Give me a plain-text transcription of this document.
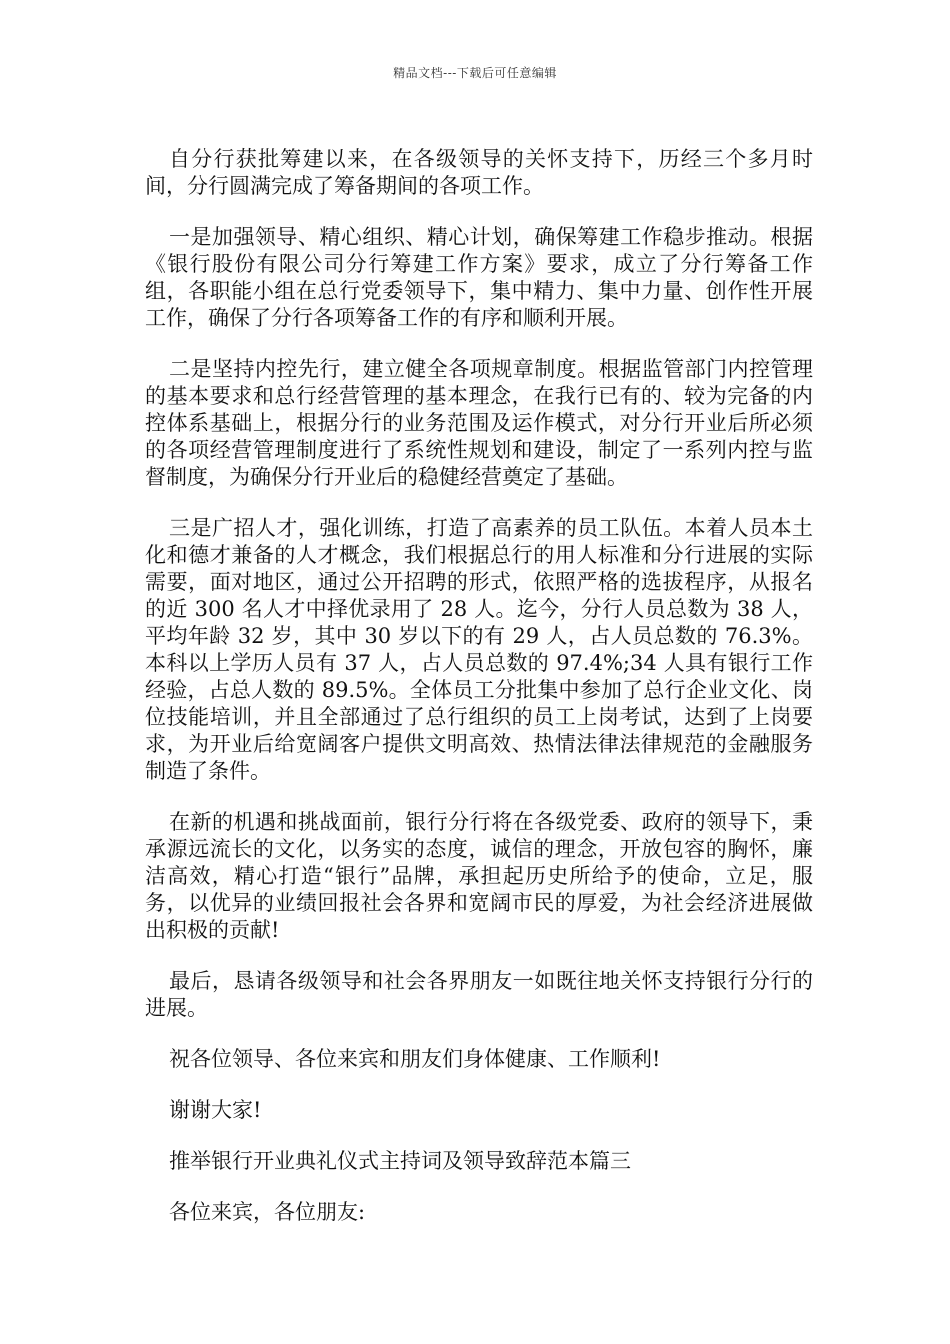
精品文档---下载后可任意编辑

自分行获批筹建以来，在各级领导的关怀支持下，历经三个多月时间，分行圆满完成了筹备期间的各项工作。

一是加强领导、精心组织、精心计划，确保筹建工作稳步推动。根据《银行股份有限公司分行筹建工作方案》要求，成立了分行筹备工作组，各职能小组在总行党委领导下，集中精力、集中力量、创作性开展工作，确保了分行各项筹备工作的有序和顺利开展。

二是坚持内控先行，建立健全各项规章制度。根据监管部门内控管理的基本要求和总行经营管理的基本理念，在我行已有的、较为完备的内控体系基础上，根据分行的业务范围及运作模式，对分行开业后所必须的各项经营管理制度进行了系统性规划和建设，制定了一系列内控与监督制度，为确保分行开业后的稳健经营奠定了基础。

三是广招人才，强化训练，打造了高素养的员工队伍。本着人员本土化和德才兼备的人才概念，我们根据总行的用人标准和分行进展的实际需要，面对地区，通过公开招聘的形式，依照严格的选拔程序，从报名的近 300 名人才中择优录用了 28 人。迄今，分行人员总数为 38 人，平均年龄 32 岁，其中 30 岁以下的有 29 人，占人员总数的 76.3%。本科以上学历人员有 37 人，占人员总数的 97.4%;34 人具有银行工作经验，占总人数的 89.5%。全体员工分批集中参加了总行企业文化、岗位技能培训，并且全部通过了总行组织的员工上岗考试，达到了上岗要求，为开业后给宽阔客户提供文明高效、热情法律法律规范的金融服务制造了条件。

在新的机遇和挑战面前，银行分行将在各级党委、政府的领导下，秉承源远流长的文化，以务实的态度，诚信的理念，开放包容的胸怀，廉洁高效，精心打造“银行”品牌，承担起历史所给予的使命，立足，服务，以优异的业绩回报社会各界和宽阔市民的厚爱，为社会经济进展做出积极的贡献!

最后，恳请各级领导和社会各界朋友一如既往地关怀支持银行分行的进展。

祝各位领导、各位来宾和朋友们身体健康、工作顺利!

谢谢大家!

推举银行开业典礼仪式主持词及领导致辞范本篇三

各位来宾，各位朋友:
